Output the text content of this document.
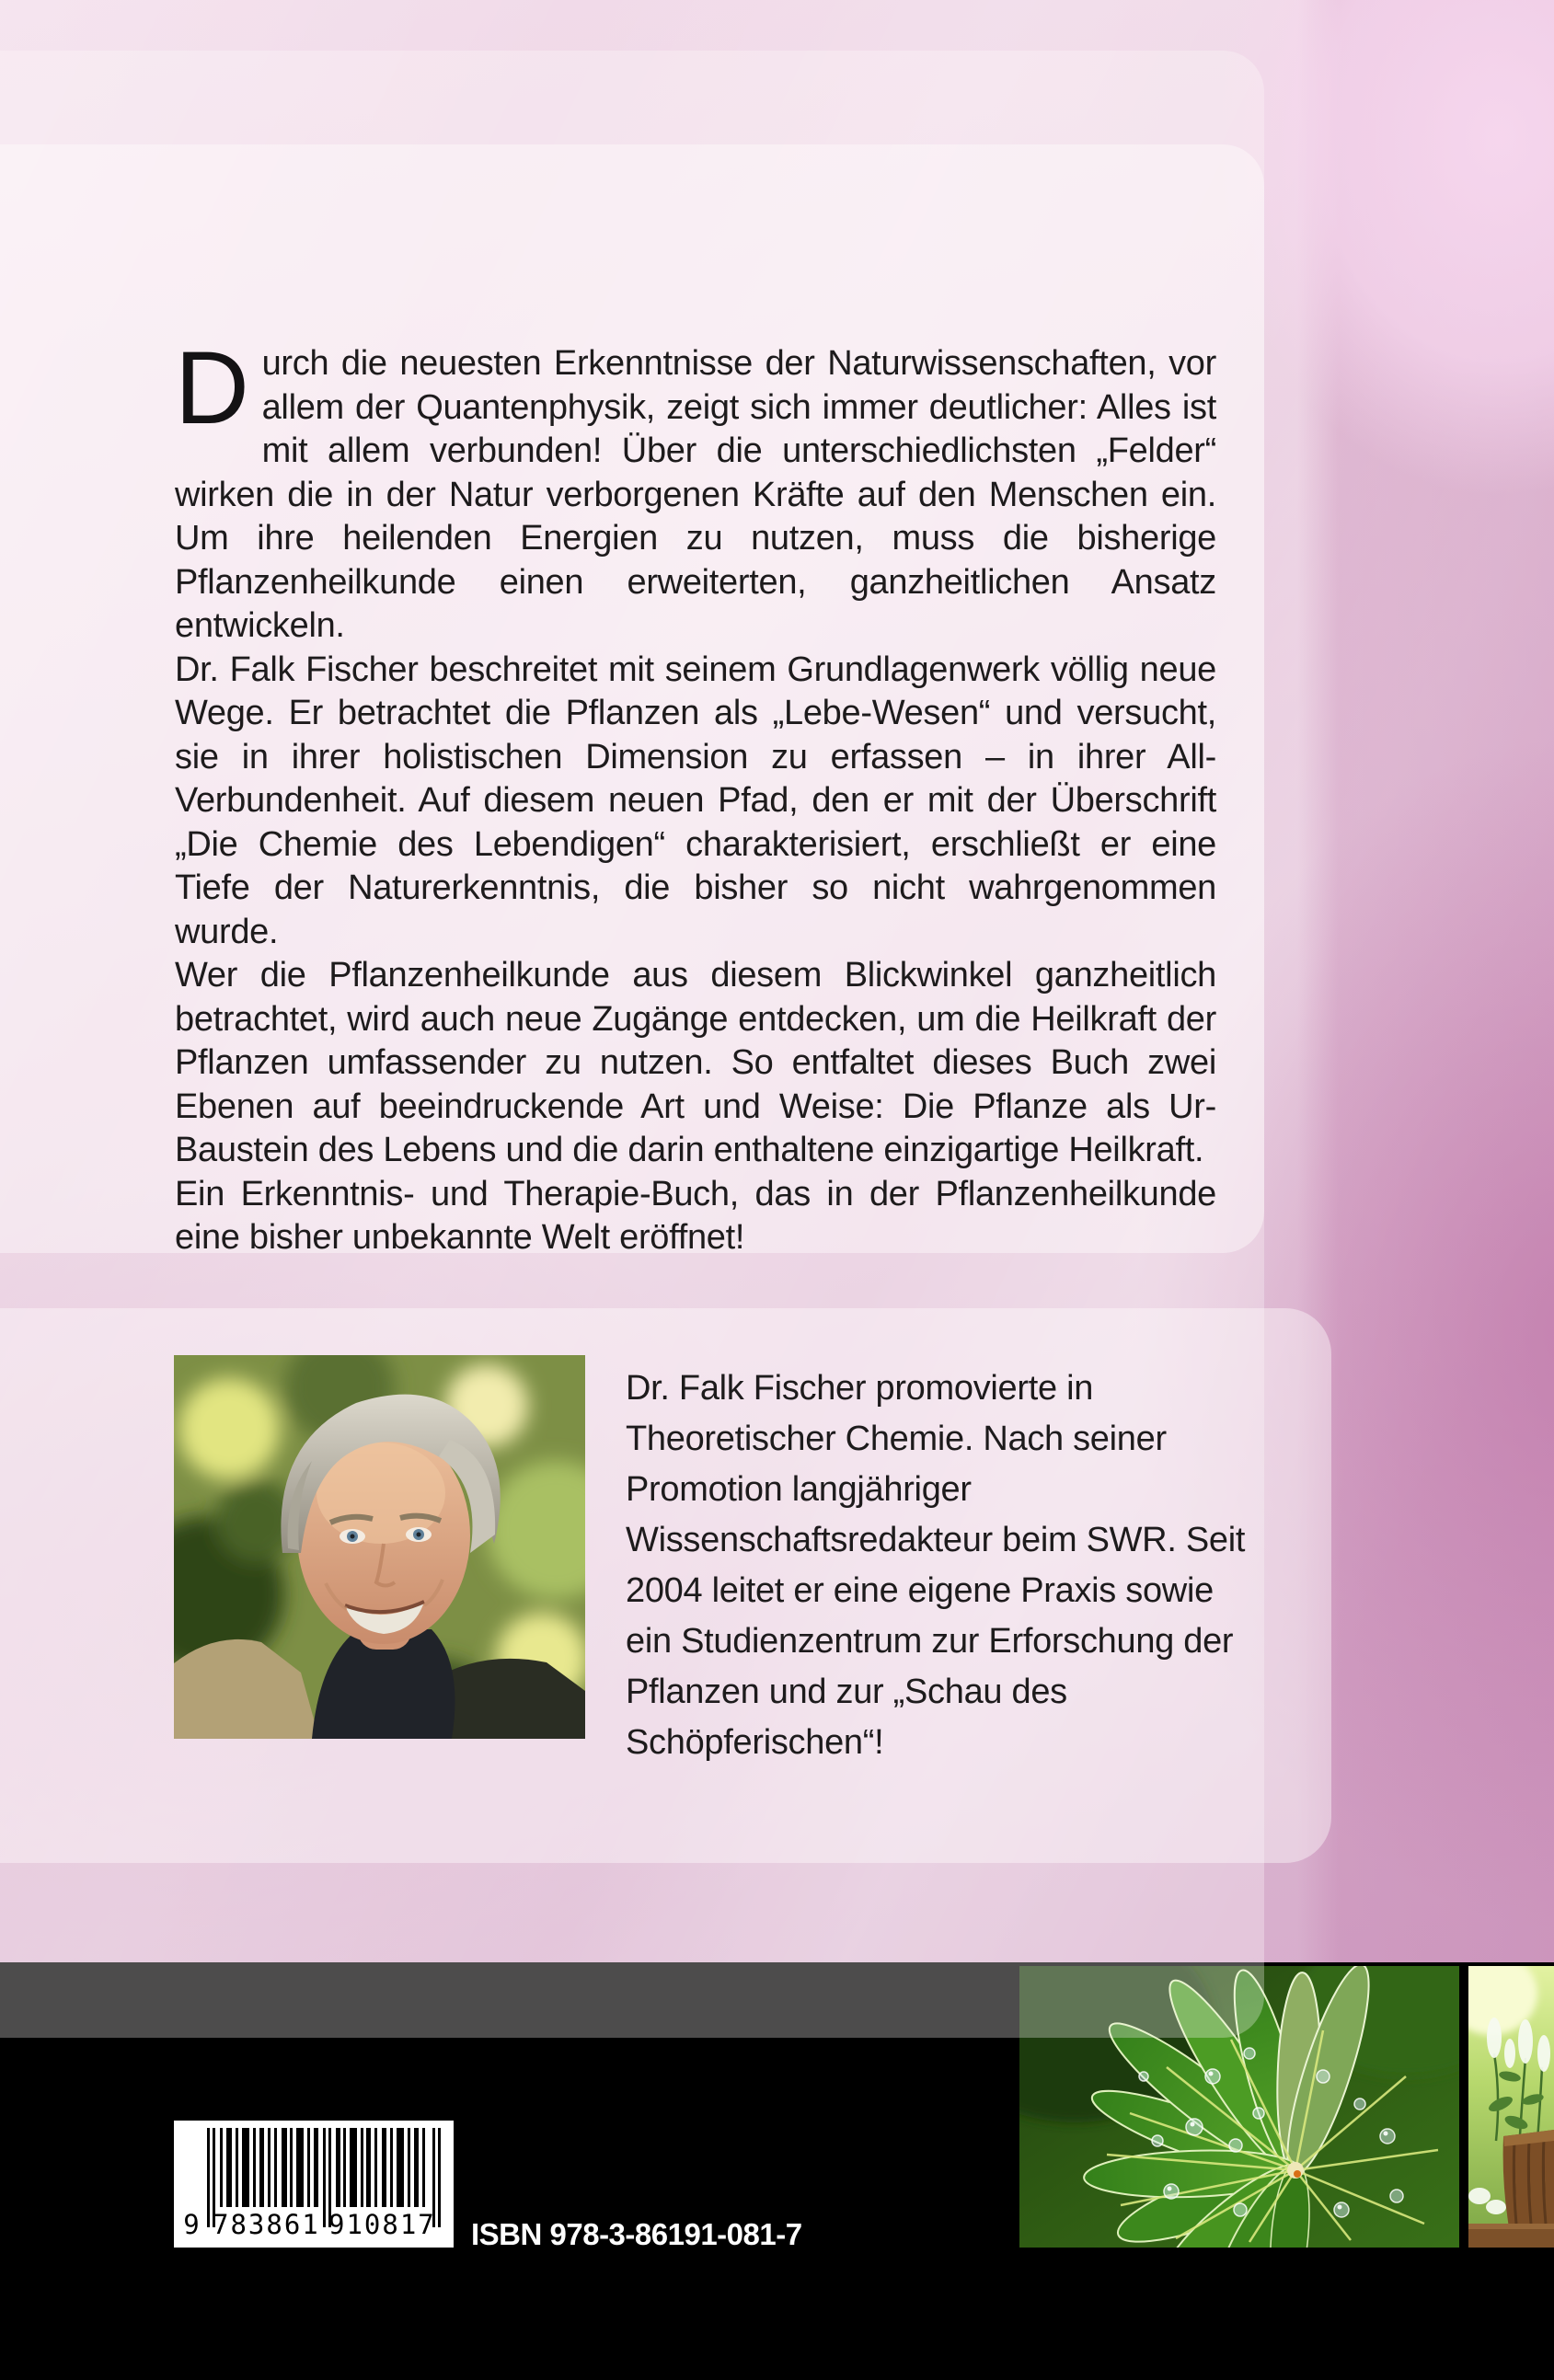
Durch die neuesten Erkenntnisse der Naturwissenschaften, vor allem der Quantenphysik, zeigt sich immer deutlicher: Alles ist mit allem verbunden! Über die unterschiedlichsten „Felder“ wirken die in der Natur verborgenen Kräfte auf den Menschen ein. Um ihre heilenden Energien zu nutzen, muss die bisherige Pflanzenheilkunde einen erweiterten, ganzheitlichen Ansatz entwickeln.

Dr. Falk Fischer beschreitet mit seinem Grundlagenwerk völlig neue Wege. Er betrachtet die Pflanzen als „Lebe-Wesen“ und versucht, sie in ihrer holistischen Dimension zu erfassen – in ihrer All-Verbundenheit. Auf diesem neuen Pfad, den er mit der Überschrift „Die Chemie des Lebendigen“ charakterisiert, erschließt er eine Tiefe der Naturerkenntnis, die bisher so nicht wahrgenommen wurde.

Wer die Pflanzenheilkunde aus diesem Blickwinkel ganzheitlich betrachtet, wird auch neue Zugänge entdecken, um die Heilkraft der Pflanzen umfassender zu nutzen. So entfaltet dieses Buch zwei Ebenen auf beeindruckende Art und Weise: Die Pflanze als Ur-Baustein des Lebens und die darin enthaltene einzigartige Heilkraft.

Ein Erkenntnis- und Therapie-Buch, das in der Pflanzenheilkunde eine bisher unbekannte Welt eröffnet!

Dr. Falk Fischer promovierte in Theoretischer Chemie. Nach seiner Promotion langjähriger Wissenschaftsredakteur beim SWR. Seit 2004 leitet er eine eigene Praxis sowie ein Studienzentrum zur Erforschung der Pflanzen und zur „Schau des Schöpferischen“!
9 783861 910817 ISBN 978-3-86191-081-7
